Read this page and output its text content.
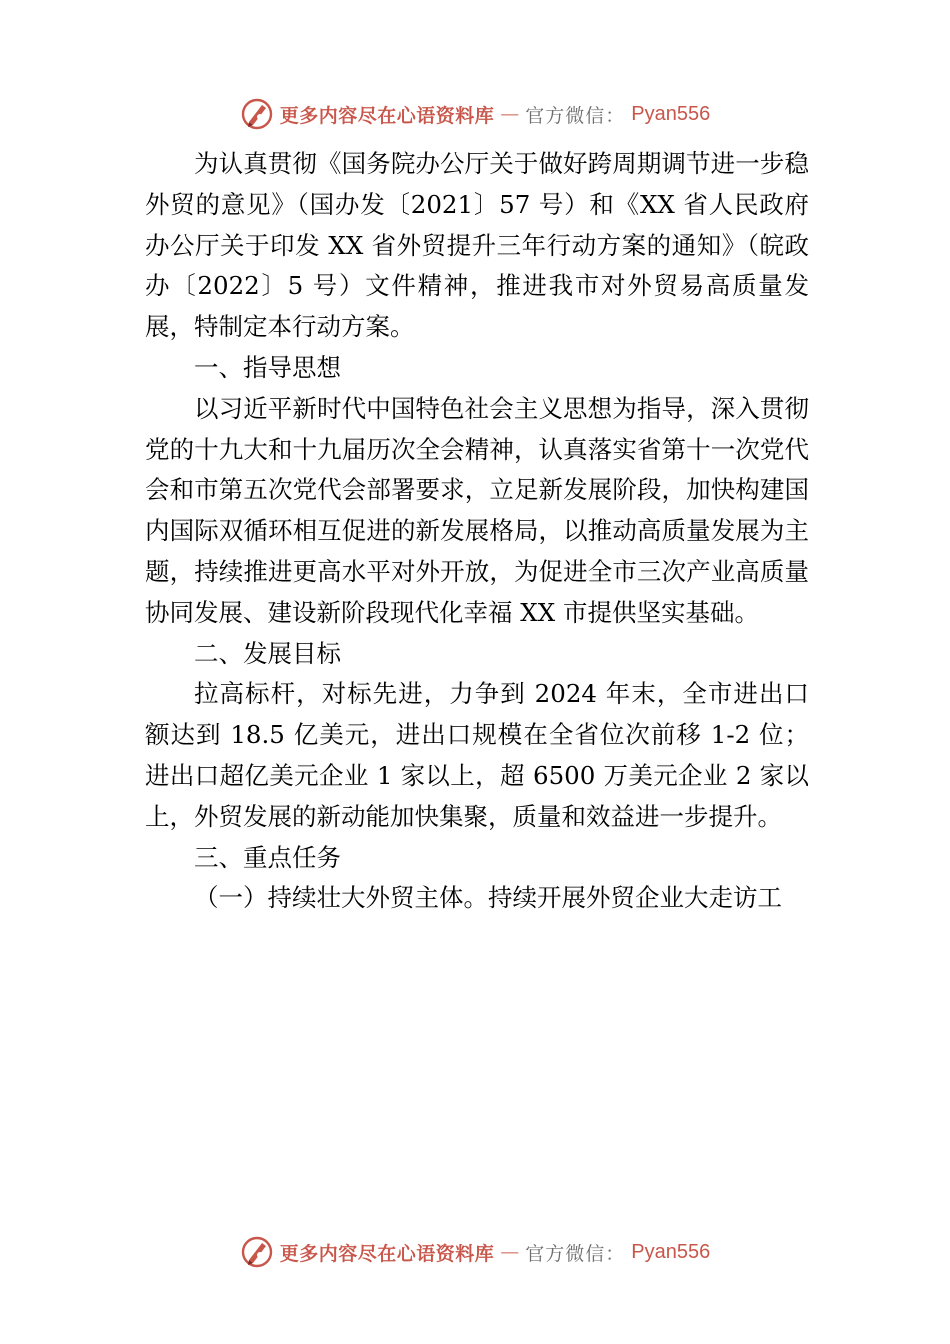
更多内容尽在心语资料库 — 官方微信： Pyan556

为认真贯彻《国务院办公厅关于做好跨周期调节进一步稳外贸的意见》（国办发〔2021〕57 号）和《XX 省人民政府办公厅关于印发 XX 省外贸提升三年行动方案的通知》（皖政办〔2022〕5 号）文件精神，推进我市对外贸易高质量发展，特制定本行动方案。

一、指导思想

以习近平新时代中国特色社会主义思想为指导，深入贯彻党的十九大和十九届历次全会精神，认真落实省第十一次党代会和市第五次党代会部署要求，立足新发展阶段，加快构建国内国际双循环相互促进的新发展格局，以推动高质量发展为主题，持续推进更高水平对外开放，为促进全市三次产业高质量协同发展、建设新阶段现代化幸福 XX 市提供坚实基础。

二、发展目标

拉高标杆，对标先进，力争到 2024 年末，全市进出口额达到 18.5 亿美元，进出口规模在全省位次前移 1-2 位；进出口超亿美元企业 1 家以上，超 6500 万美元企业 2 家以上，外贸发展的新动能加快集聚，质量和效益进一步提升。

三、重点任务

（一）持续壮大外贸主体。持续开展外贸企业大走访工

更多内容尽在心语资料库 — 官方微信： Pyan556
